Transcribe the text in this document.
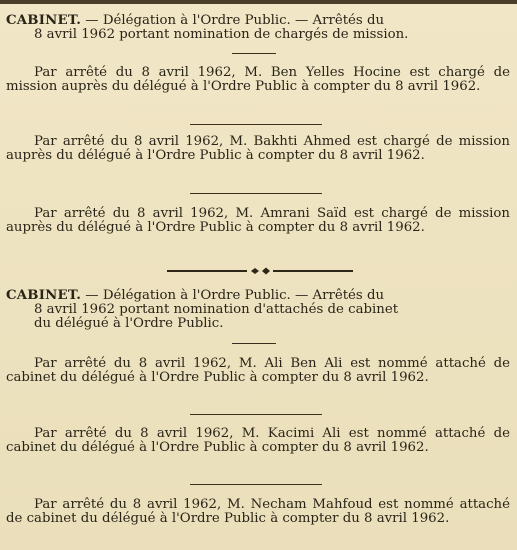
CABINET. — Délégation à l'Ordre Public. — Arrêtés du
8 avril 1962 portant nomination de chargés de mission.

Par arrêté du 8 avril 1962, M. Ben Yelles Hocine est chargé de mission auprès du délégué à l'Ordre Public à compter du 8 avril 1962.

Par arrêté du 8 avril 1962, M. Bakhti Ahmed est chargé de mission auprès du délégué à l'Ordre Public à compter du 8 avril 1962.

Par arrêté du 8 avril 1962, M. Amrani Saïd est chargé de mission auprès du délégué à l'Ordre Public à compter du 8 avril 1962.

CABINET. — Délégation à l'Ordre Public. — Arrêtés du
8 avril 1962 portant nomination d'attachés de cabinet
du délégué à l'Ordre Public.

Par arrêté du 8 avril 1962, M. Ali Ben Ali est nommé attaché de cabinet du délégué à l'Ordre Public à compter du 8 avril 1962.

Par arrêté du 8 avril 1962, M. Kacimi Ali est nommé attaché de cabinet du délégué à l'Ordre Public à compter du 8 avril 1962.

Par arrêté du 8 avril 1962, M. Necham Mahfoud est nommé attaché de cabinet du délégué à l'Ordre Public à compter du 8 avril 1962.
